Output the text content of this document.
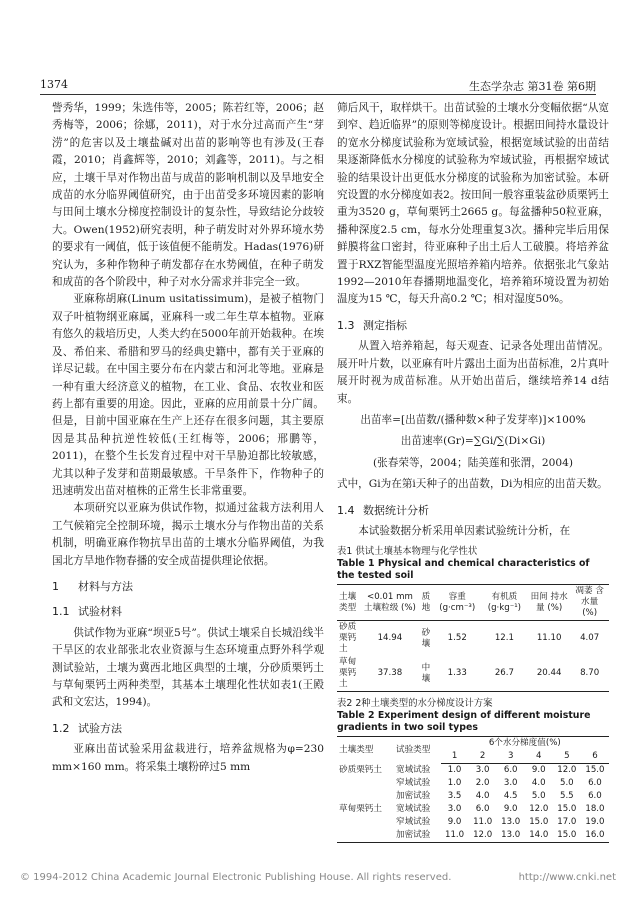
1374	生态学杂志 第31卷 第6期

訾秀华，1999；朱选伟等，2005；陈若红等，2006；赵秀梅等，2006；徐娜，2011)，对于水分过高而产生“芽涝”的危害以及土壤盐碱对出苗的影响等也有涉及(王春霞，2010；肖鑫辉等，2010；刘鑫等，2011)。与之相应，土壤干旱对作物出苗与成苗的影响机制以及旱地安全成苗的水分临界阈值研究，由于出苗受多环境因素的影响与田间土壤水分梯度控制设计的复杂性，导致结论分歧较大。Owen(1952)研究表明，种子萌发时对外界环境水势的要求有一阈值，低于该值便不能萌发。Hadas(1976)研究认为，多种作物种子萌发都存在水势阈值，在种子萌发和成苗的各个阶段中，种子对水分需求并非完全一致。

亚麻称胡麻(Linum usitatissimum)，是被子植物门双子叶植物纲亚麻属，亚麻科一或二年生草本植物。亚麻有悠久的栽培历史，人类大约在5000年前开始栽种。在埃及、希伯来、希腊和罗马的经典史籍中，都有关于亚麻的详尽记载。在中国主要分布在内蒙古和河北等地。亚麻是一种有重大经济意义的植物，在工业、食品、农牧业和医药上都有重要的用途。因此，亚麻的应用前景十分广阔。但是，目前中国亚麻在生产上还存在很多问题，其主要原因是其品种抗逆性较低(王红梅等，2006；邢鹏等，2011)，在整个生长发育过程中对干旱胁迫都比较敏感，尤其以种子发芽和苗期最敏感。干旱条件下，作物种子的迅速萌发出苗对植株的正常生长非常重要。

本项研究以亚麻为供试作物，拟通过盆栽方法利用人工气候箱完全控制环境，揭示土壤水分与作物出苗的关系机制，明确亚麻作物抗旱出苗的土壤水分临界阈值，为我国北方旱地作物春播的安全成苗提供理论依据。

1 材料与方法
1.1 试验材料

供试作物为亚麻“坝亚5号”。供试土壤采自长城沿线半干旱区的农业部张北农业资源与生态环境重点野外科学观测试验站，土壤为冀西北地区典型的土壤，分砂质栗钙土与草甸栗钙土两种类型，其基本土壤理化性状如表1(王殿武和文宏达，1994)。

1.2 试验方法

亚麻出苗试验采用盆栽进行，培养盆规格为φ=230 mm×160 mm。将采集土壤粉碎过5 mm

筛后风干，取样烘干。出苗试验的土壤水分变幅依据“从宽到窄、趋近临界”的原则等梯度设计。根据田间持水量设计的宽水分梯度试验称为宽域试验，根据宽域试验的出苗结果逐渐降低水分梯度的试验称为窄域试验，再根据窄域试验的结果设计出更低水分梯度的试验称为加密试验。本研究设置的水分梯度如表2。按田间一般容重装盆砂质栗钙土重为3520 g，草甸栗钙土2665 g。每盆播种50粒亚麻，播种深度2.5 cm，每水分处理重复3次。播种完毕后用保鲜膜将盆口密封，待亚麻种子出土后人工破膜。将培养盆置于RXZ智能型温度光照培养箱内培养。依据张北气象站1992—2010年春播期地温变化，培养箱环境设置为初始温度为15 ℃，每天升高0.2 ℃；相对湿度50%。

1.3 测定指标

从置入培养箱起，每天观查、记录各处理出苗情况。展开叶片数，以亚麻有叶片露出土面为出苗标准，2片真叶展开时视为成苗标准。从开始出苗后，继续培养14 d结束。

出苗率=[出苗数/(播种数×种子发芽率)]×100%
出苗速率(Gr)=∑Gi/∑(Di×Gi)
(张春荣等，2004；陆美莲和张渭，2004)

式中，Gi为在第i天种子的出苗数，Di为相应的出苗天数。

1.4 数据统计分析

本试验数据分析采用单因素试验统计分析，在

表1 供试土壤基本物理与化学性状
Table 1 Physical and chemical characteristics of the tested soil
土壤类型	<0.01 mm 土壤粒级 (%)	质地	容重 (g·cm⁻³)	有机质 (g·kg⁻¹)	田间 持水量 (%)	凋萎 含水量 (%)
砂质栗钙土	14.94	砂壤	1.52	12.1	11.10	4.07
草甸栗钙土	37.38	中壤	1.33	26.7	20.44	8.70
表2 2种土壤类型的水分梯度设计方案
Table 2 Experiment design of different moisture gradients in two soil types
土壤类型	试验类型	6个水分梯度值(%)					
		1	2	3	4	5	6
砂质栗钙土	宽域试验	1.0	3.0	6.0	9.0	12.0	15.0
	窄域试验	1.0	2.0	3.0	4.0	5.0	6.0
	加密试验	3.5	4.0	4.5	5.0	5.5	6.0
草甸栗钙土	宽域试验	3.0	6.0	9.0	12.0	15.0	18.0
	窄域试验	9.0	11.0	13.0	15.0	17.0	19.0
	加密试验	11.0	12.0	13.0	14.0	15.0	16.0
© 1994-2012 China Academic Journal Electronic Publishing House. All rights reserved.	http://www.cnki.net
